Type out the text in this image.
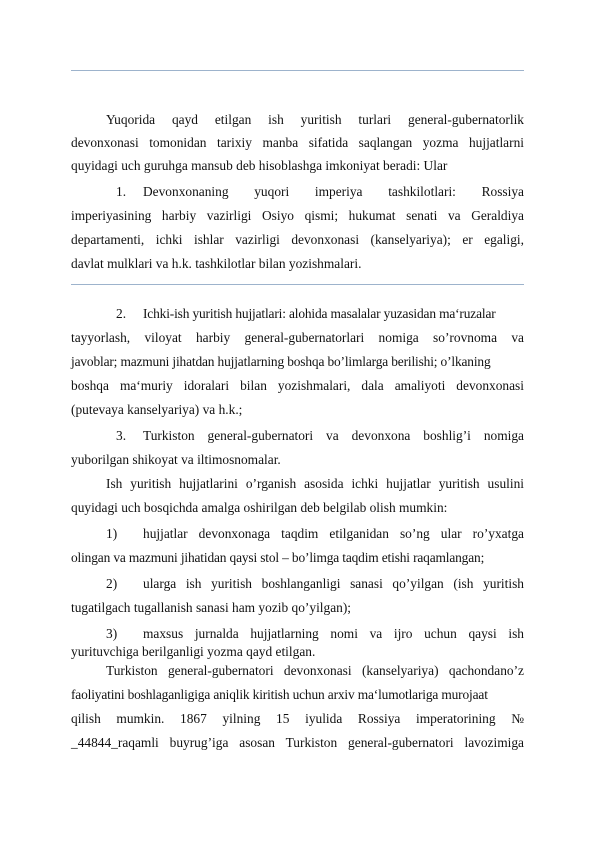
Yuqorida qayd etilgan ish yuritish turlari general-gubernatorlik
devonxonasi tomonidan tarixiy manba sifatida saqlangan yozma hujjatlarni
quyidagi uch guruhga mansub deb hisoblashga imkoniyat beradi: Ular
1. Devonxonaning yuqori imperiya tashkilotlari: Rossiya
imperiyasining harbiy vazirligi Osiyo qismi; hukumat senati va Geraldiya
departamenti, ichki ishlar vazirligi devonxonasi (kanselyariya); er egaligi,
davlat mulklari va h.k. tashkilotlar bilan yozishmalari.
2. Ichki-ish yuritish hujjatlari: alohida masalalar yuzasidan ma‘ruzalar
tayyorlash, viloyat harbiy general-gubernatorlari nomiga so’rovnoma va
javoblar; mazmuni jihatdan hujjatlarning boshqa bo’limlarga berilishi; o’lkaning
boshqa ma‘muriy idoralari bilan yozishmalari, dala amaliyoti devonxonasi
(putevaya kanselyariya) va h.k.;
3. Turkiston general-gubernatori va devonxona boshlig’i nomiga
yuborilgan shikoyat va iltimosnomalar.
Ish yuritish hujjatlarini o’rganish asosida ichki hujjatlar yuritish usulini
quyidagi uch bosqichda amalga oshirilgan deb belgilab olish mumkin:
1) hujjatlar devonxonaga taqdim etilganidan so’ng ular ro’yxatga
olingan va mazmuni jihatidan qaysi stol – bo’limga taqdim etishi raqamlangan;
2) ularga ish yuritish boshlanganligi sanasi qo’yilgan (ish yuritish
tugatilgach tugallanish sanasi ham yozib qo’yilgan);
3) maxsus jurnalda hujjatlarning nomi va ijro uchun qaysi ish
yurituvchiga berilganligi yozma qayd etilgan.
Turkiston general-gubernatori devonxonasi (kanselyariya) qachondano’z
faoliyatini boshlaganligiga aniqlik kiritish uchun arxiv ma‘lumotlariga murojaat
qilish mumkin. 1867 yilning 15 iyulida Rossiya imperatorining №
_44844_raqamli buyrug’iga asosan Turkiston general-gubernatori lavozimiga
